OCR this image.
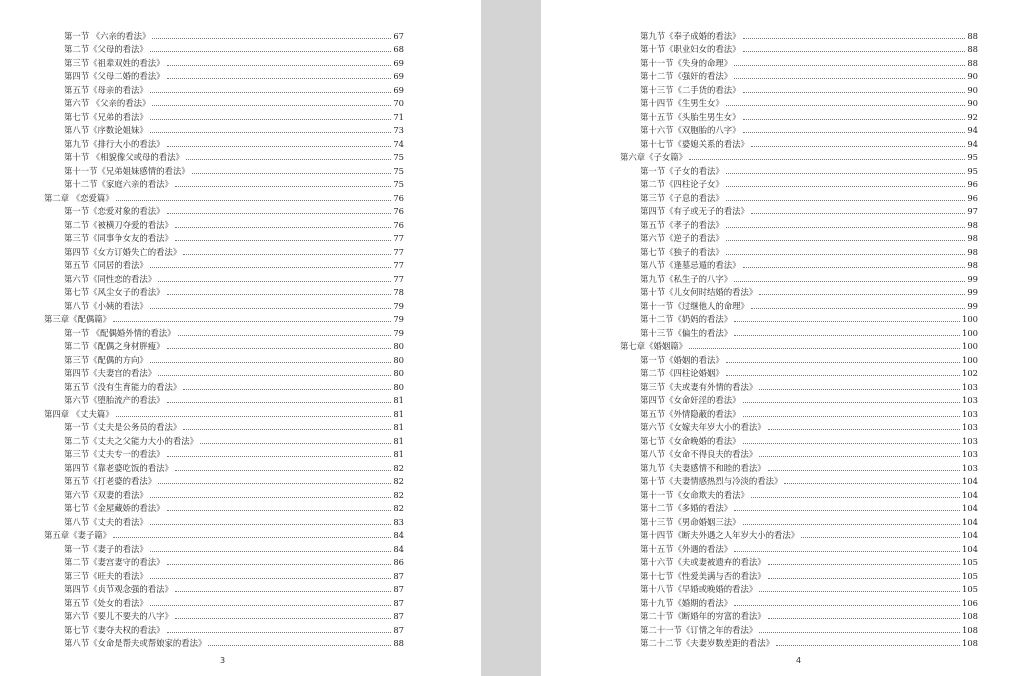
第一节 《六亲的看法》	67
第二节《父母的看法》	68
第三节《祖辈双姓的看法》	69
第四节《父母二婚的看法》	69
第五节《母亲的看法》	69
第六节 《父亲的看法》	70
第七节《兄弟的看法》	71
第八节《序数论姐妹》	73
第九节《排行大小的看法》	74
第十节 《相貌像父或母的看法》	75
第十一节《兄弟姐妹感情的看法》	75
第十二节《家庭六亲的看法》	75
第二章 《恋爱篇》	76
第一节《恋爱对象的看法》	76
第二节《被横刀夺爱的看法》	76
第三节《同事争女友的看法》	77
第四节《女方订婚失亡的看法》	77
第五节《同居的看法》	77
第六节《同性恋的看法》	77
第七节《风尘女子的看法》	78
第八节《小姨的看法》	79
第三章《配偶篇》	79
第一节 《配偶婚外情的看法》	79
第二节《配偶之身材胖瘦》	80
第三节《配偶的方向》	80
第四节《夫妻宫的看法》	80
第五节《没有生育能力的看法》	80
第六节《堕胎流产的看法》	81
第四章 《丈夫篇》	81
第一节《丈夫是公务员的看法》	81
第二节《丈夫之父能力大小的看法》	81
第三节《丈夫专一的看法》	81
第四节《靠老婆吃饭的看法》	82
第五节《打老婆的看法》	82
第六节《双妻的看法》	82
第七节《金屋藏娇的看法》	82
第八节《丈夫的看法》	83
第五章《妻子篇》	84
第一节《妻子的看法》	84
第二节《妻宫妻守的看法》	86
第三节《旺夫的看法》	87
第四节《贞节观念强的看法》	87
第五节《处女的看法》	87
第六节《要儿不要夫的八字》	87
第七节《妻夺夫权的看法》	87
第八节《女命是帮夫或帮娘家的看法》	88
3
第九节《奉子成婚的看法》	88
第十节《职业妇女的看法》	88
第十一节《失身的命理》	88
第十二节《强奸的看法》	90
第十三节《二手货的看法》	90
第十四节《生男生女》	90
第十五节《头胎生男生女》	92
第十六节《双胞胎的八字》	94
第十七节《婆媳关系的看法》	94
第六章《子女篇》	95
第一节《子女的看法》	95
第二节《四柱论子女》	96
第三节《子息的看法》	96
第四节《有子或无子的看法》	97
第五节《孝子的看法》	98
第六节《逆子的看法》	98
第七节《独子的看法》	98
第八节《逢墓忌遁的看法》	98
第九节《私生子的八字》	99
第十节《儿女何时结婚的看法》	99
第十一节《过继他人的命理》	99
第十二节《奶妈的看法》	100
第十三节《偏生的看法》	100
第七章《婚姻篇》	100
第一节《婚姻的看法》	100
第二节《四柱论婚姻》	102
第三节《夫或妻有外情的看法》	103
第四节《女命奸淫的看法》	103
第五节《外情隐蔽的看法》	103
第六节《女嫁夫年岁大小的看法》	103
第七节《女命晚婚的看法》	103
第八节《女命不得良夫的看法》	103
第九节《夫妻感情不和睦的看法》	103
第十节《夫妻情感热烈与冷淡的看法》	104
第十一节《女命欺夫的看法》	104
第十二节《多婚的看法》	104
第十三节《男命婚姻三法》	104
第十四节《断夫外遇之人年岁大小的看法》	104
第十五节《外遇的看法》	104
第十六节《夫或妻被遗弃的看法》	105
第十七节《性爱美满与否的看法》	105
第十八节《早婚或晚婚的看法》	105
第十九节《婚期的看法》	106
第二十节《断婚年的穷富的看法》	108
第二十一节《订情之年的看法》	108
第二十二节《夫妻岁数差距的看法》	108
4
